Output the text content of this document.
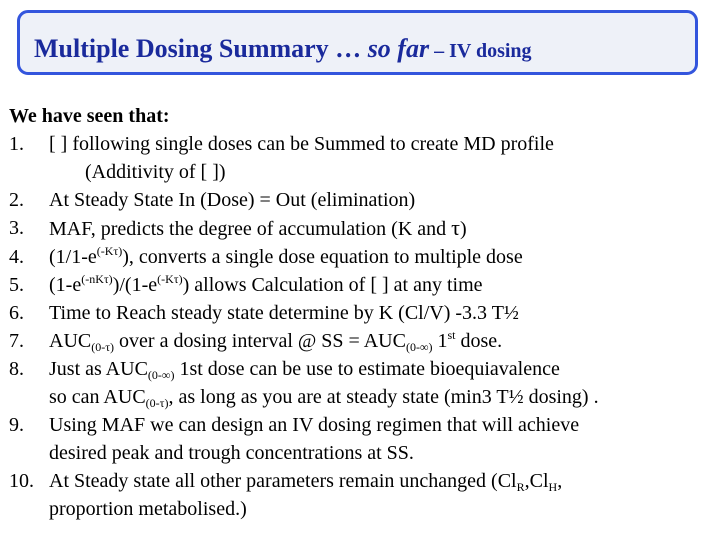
Multiple Dosing Summary … so far – IV dosing

We have seen that:

1. [ ] following single doses can be Summed to create MD profile
(Additivity of [ ])
2. At Steady State In (Dose) = Out (elimination)
3. MAF, predicts the degree of accumulation (K and τ)
4. $(1/1-e^{(-K\tau)})$, converts a single dose equation to multiple dose
5. $(1-e^{(-nK\tau)})/(1-e^{(-K\tau)})$ allows Calculation of [ ] at any time
6. Time to Reach steady state determine by K (Cl/V) -3.3 T½
7. $AUC_{(0-\tau)}$ over a dosing interval @ SS = $AUC_{(0-\infty)}$ 1st dose.
8. Just as $AUC_{(0-\infty)}$ 1st dose can be use to estimate bioequiavalence
so can $AUC_{(0-\tau)}$, as long as you are at steady state (min3 T½ dosing) .
9. Using MAF we can design an IV dosing regimen that will achieve
desired peak and trough concentrations at SS.
10. At Steady state all other parameters remain unchanged ($Cl_R,Cl_H$,
proportion metabolised.)
